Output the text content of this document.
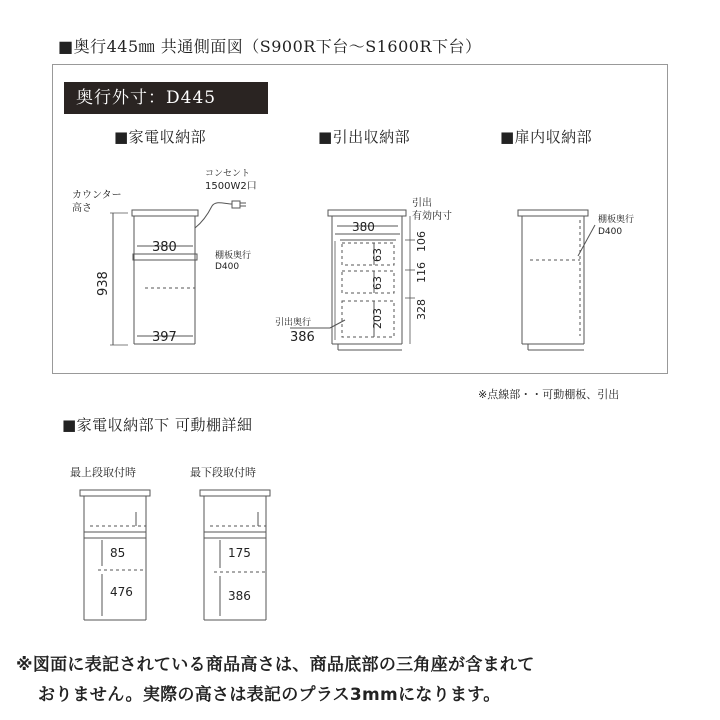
■奥行445㎜ 共通側面図（S900R下台～S1600R下台）
奥行外寸：D445
■家電収納部	■引出収納部	■扉内収納部
コンセント
1500W2口
カウンター
高さ
938
380
397
棚板奥行
D400
380
引出
有効内寸
63
63
203
106
116
328
引出奥行
386
棚板奥行
D400
85
476
175
386
※点線部・・可動棚板、引出
■家電収納部下 可動棚詳細
最上段取付時	最下段取付時
※図面に表記されている商品高さは、商品底部の三角座が含まれて
おりません。実際の高さは表記のプラス3mmになります。
